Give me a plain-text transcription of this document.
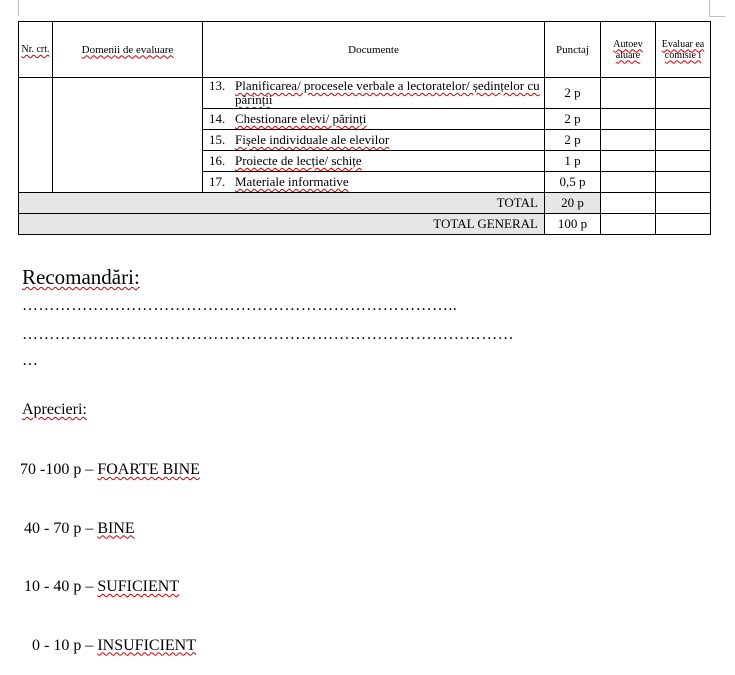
Nr. crt.	Domenii de evaluare	Documente	Punctaj	Autoev aluare	Evaluar ea comisie i

		13. Planificarea/ procesele verbale a lectoratelor/ ședințelor cu părinții	2 p		
		14. Chestionare elevi/ părinți	2 p		
		15. Fișele individuale ale elevilor	2 p		
		16. Proiecte de lecție/ schițe	1 p		
		17. Materiale informative	0,5 p		
TOTAL			20 p		
TOTAL GENERAL			100 p		
Recomandări:
……………………………………………………………………..
………………………………………………………………………………
…
Aprecieri:

70 -100 p – FOARTE BINE

40 - 70 p – BINE

10 - 40 p – SUFICIENT

0 - 10 p – INSUFICIENT
